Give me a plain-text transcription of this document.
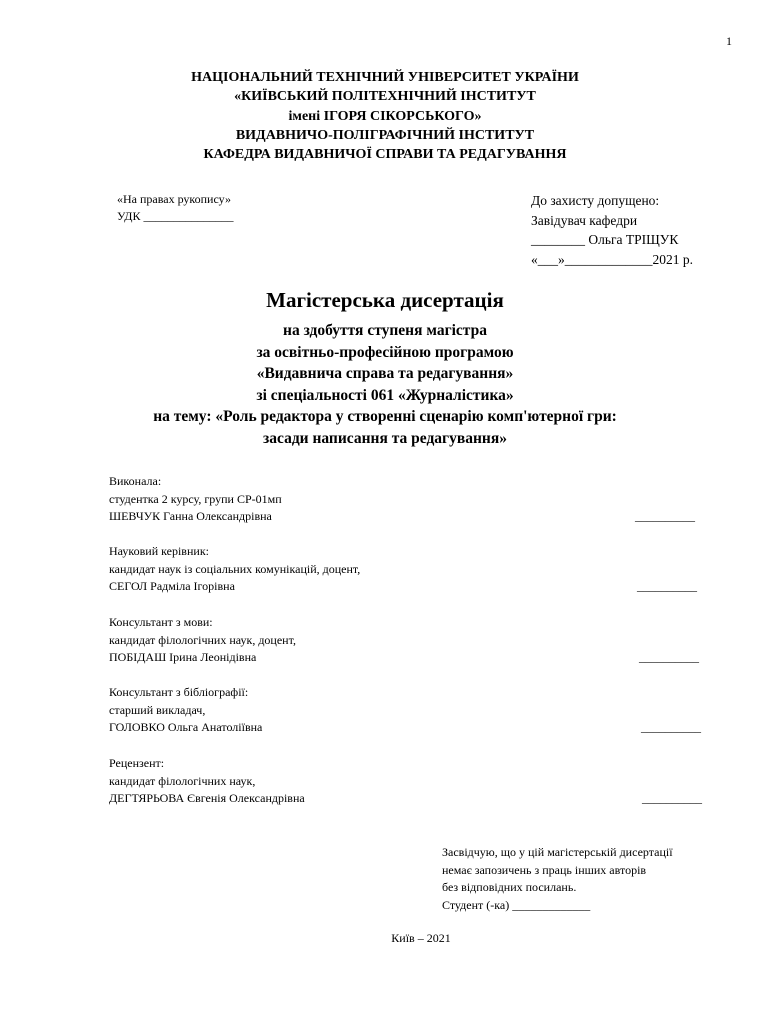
1
НАЦІОНАЛЬНИЙ ТЕХНІЧНИЙ УНІВЕРСИТЕТ УКРАЇНИ
«КИЇВСЬКИЙ ПОЛІТЕХНІЧНИЙ ІНСТИТУТ
імені ІГОРЯ СІКОРСЬКОГО»
ВИДАВНИЧО-ПОЛІГРАФІЧНИЙ ІНСТИТУТ
КАФЕДРА ВИДАВНИЧОЇ СПРАВИ ТА РЕДАГУВАННЯ
«На правах рукопису»
УДК _______________
До захисту допущено:
Завідувач кафедри
________ Ольга ТРІЩУК
«___»_____________2021 р.
Магістерська дисертація
на здобуття ступеня магістра
за освітньо-професійною програмою
«Видавнича справа та редагування»
зі спеціальності 061 «Журналістика»
на тему: «Роль редактора у створенні сценарію комп'ютерної гри:
засади написання та редагування»
Виконала:
студентка 2 курсу, групи СР-01мп
ШЕВЧУК Ганна Олександрівна	__________
Науковий керівник:
кандидат наук із соціальних комунікацій, доцент,
СЕГОЛ Радміла Ігорівна	__________
Консультант з мови:
кандидат філологічних наук, доцент,
ПОБІДАШ Ірина Леонідівна	__________
Консультант з бібліографії:
старший викладач,
ГОЛОВКО Ольга Анатоліївна	__________
Рецензент:
кандидат філологічних наук,
ДЕГТЯРЬОВА Євгенія Олександрівна	__________
Засвідчую, що у цій магістерській дисертації
немає запозичень з праць інших авторів
без відповідних посилань.
Студент (-ка) _____________
Київ – 2021
